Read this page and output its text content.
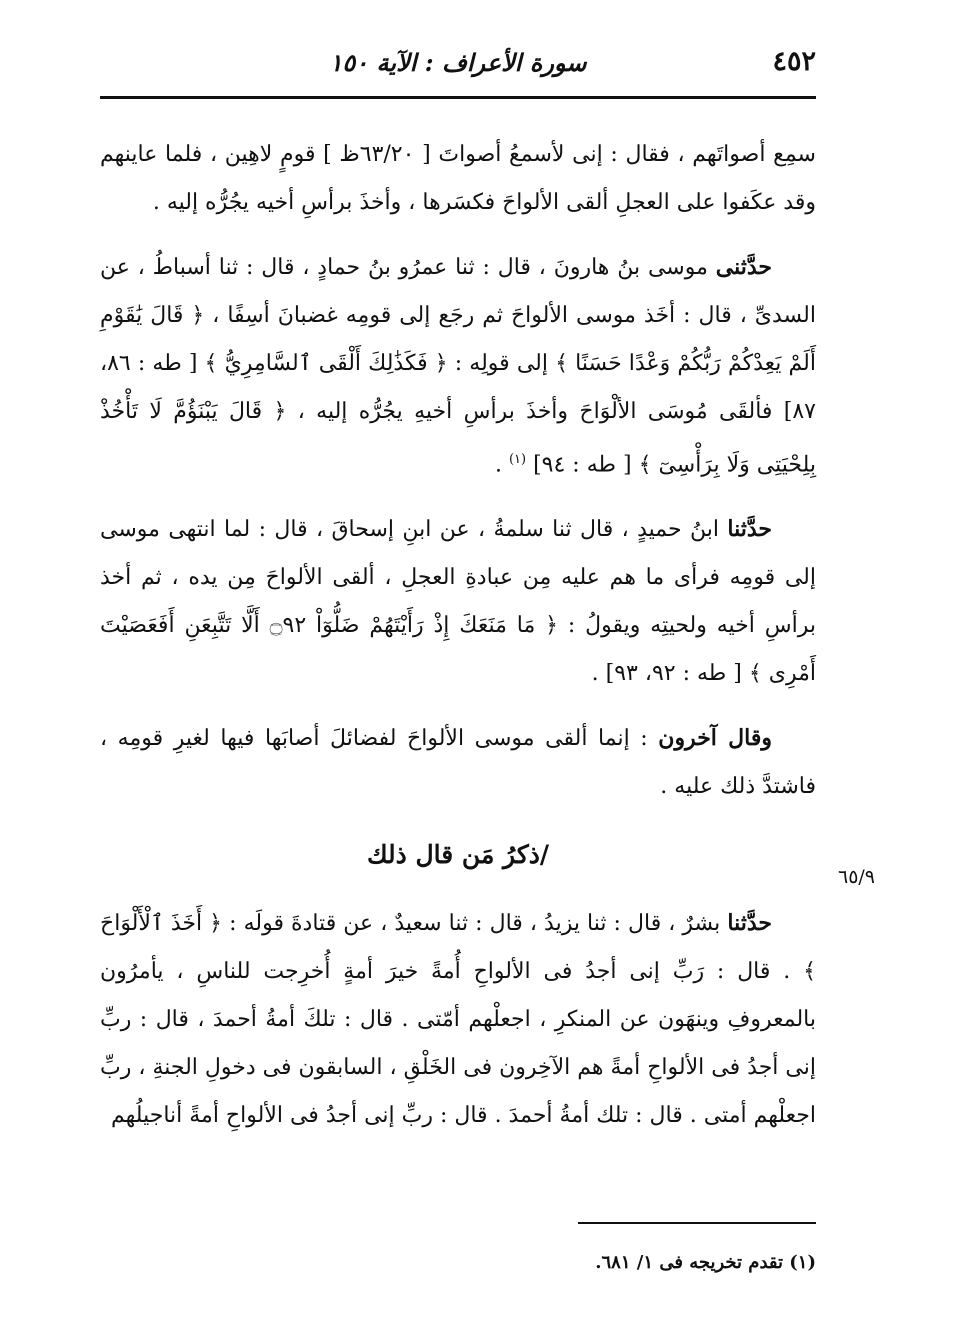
٤٥٢
سورة الأعراف : الآية ١٥٠

سمِع أصواتَهم ، فقال : إنى لأسمعُ أصواتَ [ ٦٣/٢٠ظ ] قومٍ لاهِين ، فلما عاينهم وقد عكَفوا على العجلِ ألقى الألواحَ فكسَرها ، وأخذَ برأسِ أخيه يجُرُّه إليه .

حدَّثنى موسى بنُ هارونَ ، قال : ثنا عمرُو بنُ حمادٍ ، قال : ثنا أسباطُ ، عن السدىِّ ، قال : أخَذ موسى الألواحَ ثم رجَع إلى قومِه غضبانَ أسِفًا ، ﴿ قَالَ يَٰقَوْمِ أَلَمْ يَعِدْكُمْ رَبُّكُمْ وَعْدًا حَسَنًا ﴾ إلى قولِه : ﴿ فَكَذَٰلِكَ أَلْقَى ٱلسَّامِرِيُّ ﴾ [ طه : ٨٦، ٨٧] فألقَى مُوسَى الألْوَاحَ وأخذَ برأسِ أخيهِ يجُرُّه إليه ، ﴿ قَالَ يَبْنَؤُمَّ لَا تَأْخُذْ بِلِحْيَتِى وَلَا بِرَأْسِىٓ ﴾ [ طه : ٩٤] $^{(١)}$ .

حدَّثنا ابنُ حميدٍ ، قال ثنا سلمةُ ، عن ابنِ إسحاقَ ، قال : لما انتهى موسى إلى قومِه فرأى ما هم عليه مِن عبادةِ العجلِ ، ألقى الألواحَ مِن يده ، ثم أخذ برأسِ أخيه ولحيتِه ويقولُ : ﴿ مَا مَنَعَكَ إِذْ رَأَيْتَهُمْ ضَلُّوٓاْ ۝٩٢ أَلَّا تَتَّبِعَنِ أَفَعَصَيْتَ أَمْرِى ﴾ [ طه : ٩٢، ٩٣] .

وقال آخرون : إنما ألقى موسى الألواحَ لفضائلَ أصابَها فيها لغيرِ قومِه ، فاشتدَّ ذلك عليه .

/ذكرُ مَن قال ذلك

حدَّثنا بشرٌ ، قال : ثنا يزيدُ ، قال : ثنا سعيدٌ ، عن قتادةَ قولَه : ﴿ أَخَذَ ٱلْأَلْوَاحَ ﴾ . قال : رَبِّ إنى أجدُ فى الألواحِ أُمةً خيرَ أمةٍ أُخرِجت للناسِ ، يأمرُون بالمعروفِ وينهَون عن المنكرِ ، اجعلْهم أمّتى . قال : تلكَ أمةُ أحمدَ ، قال : ربِّ إنى أجدُ فى الألواحِ أمةً هم الآخِرون فى الخَلْقِ ، السابقون فى دخولِ الجنةِ ، ربِّ اجعلْهم أمتى . قال : تلك أمةُ أحمدَ . قال : ربِّ إنى أجدُ فى الألواحِ أمةً أناجيلُهم

٦٥/٩
(١) تقدم تخريجه فى ١/ ٦٨١.
